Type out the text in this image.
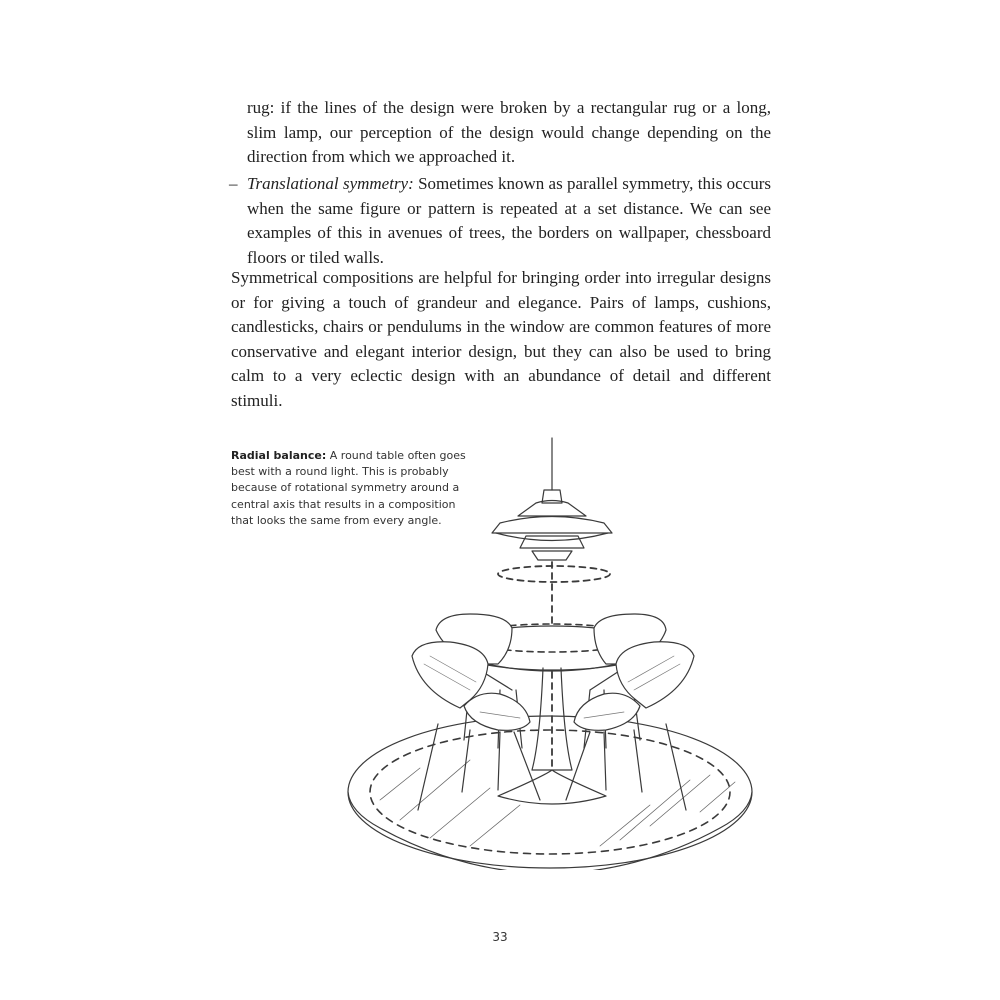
rug: if the lines of the design were broken by a rectangular rug or a long, slim lamp, our perception of the design would change depending on the direction from which we approached it.
– Translational symmetry: Sometimes known as parallel symmetry, this occurs when the same figure or pattern is repeated at a set distance. We can see examples of this in avenues of trees, the borders on wallpaper, chessboard floors or tiled walls.
Symmetrical compositions are helpful for bringing order into irregular designs or for giving a touch of grandeur and elegance. Pairs of lamps, cushions, candlesticks, chairs or pendulums in the window are common features of more conservative and elegant interior design, but they can also be used to bring calm to a very eclectic design with an abundance of detail and different stimuli.
Radial balance: A round table often goes best with a round light. This is probably because of rotational symmetry around a central axis that results in a composition that looks the same from every angle.
33
